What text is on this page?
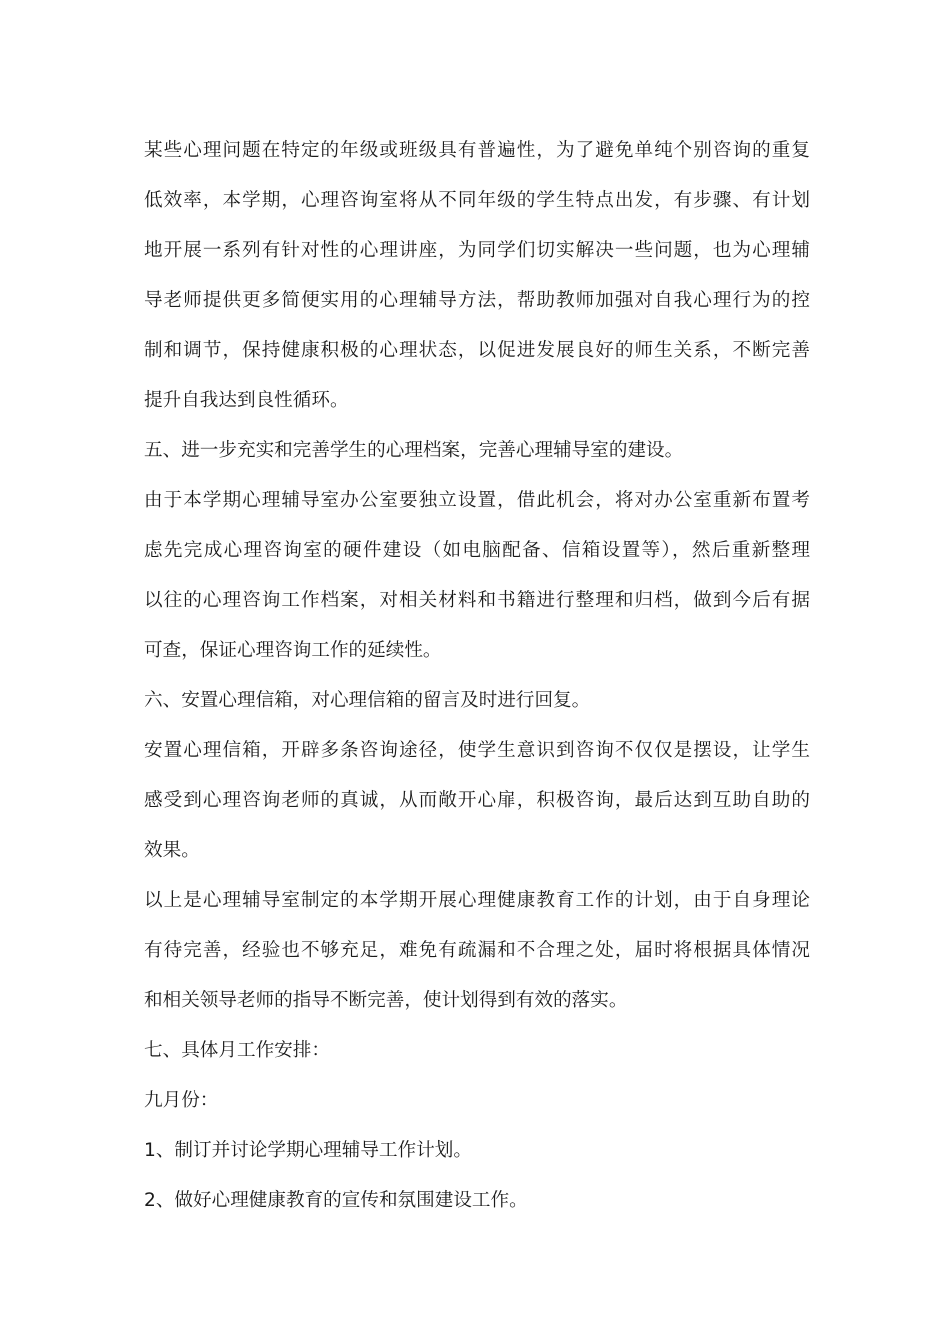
某些心理问题在特定的年级或班级具有普遍性，为了避免单纯个别咨询的重复
低效率，本学期，心理咨询室将从不同年级的学生特点出发，有步骤、有计划
地开展一系列有针对性的心理讲座，为同学们切实解决一些问题，也为心理辅
导老师提供更多简便实用的心理辅导方法，帮助教师加强对自我心理行为的控
制和调节，保持健康积极的心理状态，以促进发展良好的师生关系，不断完善
提升自我达到良性循环。
五、进一步充实和完善学生的心理档案，完善心理辅导室的建设。
由于本学期心理辅导室办公室要独立设置，借此机会，将对办公室重新布置考
虑先完成心理咨询室的硬件建设（如电脑配备、信箱设置等），然后重新整理
以往的心理咨询工作档案，对相关材料和书籍进行整理和归档，做到今后有据
可查，保证心理咨询工作的延续性。
六、安置心理信箱，对心理信箱的留言及时进行回复。
安置心理信箱，开辟多条咨询途径，使学生意识到咨询不仅仅是摆设，让学生
感受到心理咨询老师的真诚，从而敞开心扉，积极咨询，最后达到互助自助的
效果。
以上是心理辅导室制定的本学期开展心理健康教育工作的计划，由于自身理论
有待完善，经验也不够充足，难免有疏漏和不合理之处，届时将根据具体情况
和相关领导老师的指导不断完善，使计划得到有效的落实。
七、具体月工作安排：
九月份：
1、制订并讨论学期心理辅导工作计划。
2、做好心理健康教育的宣传和氛围建设工作。
